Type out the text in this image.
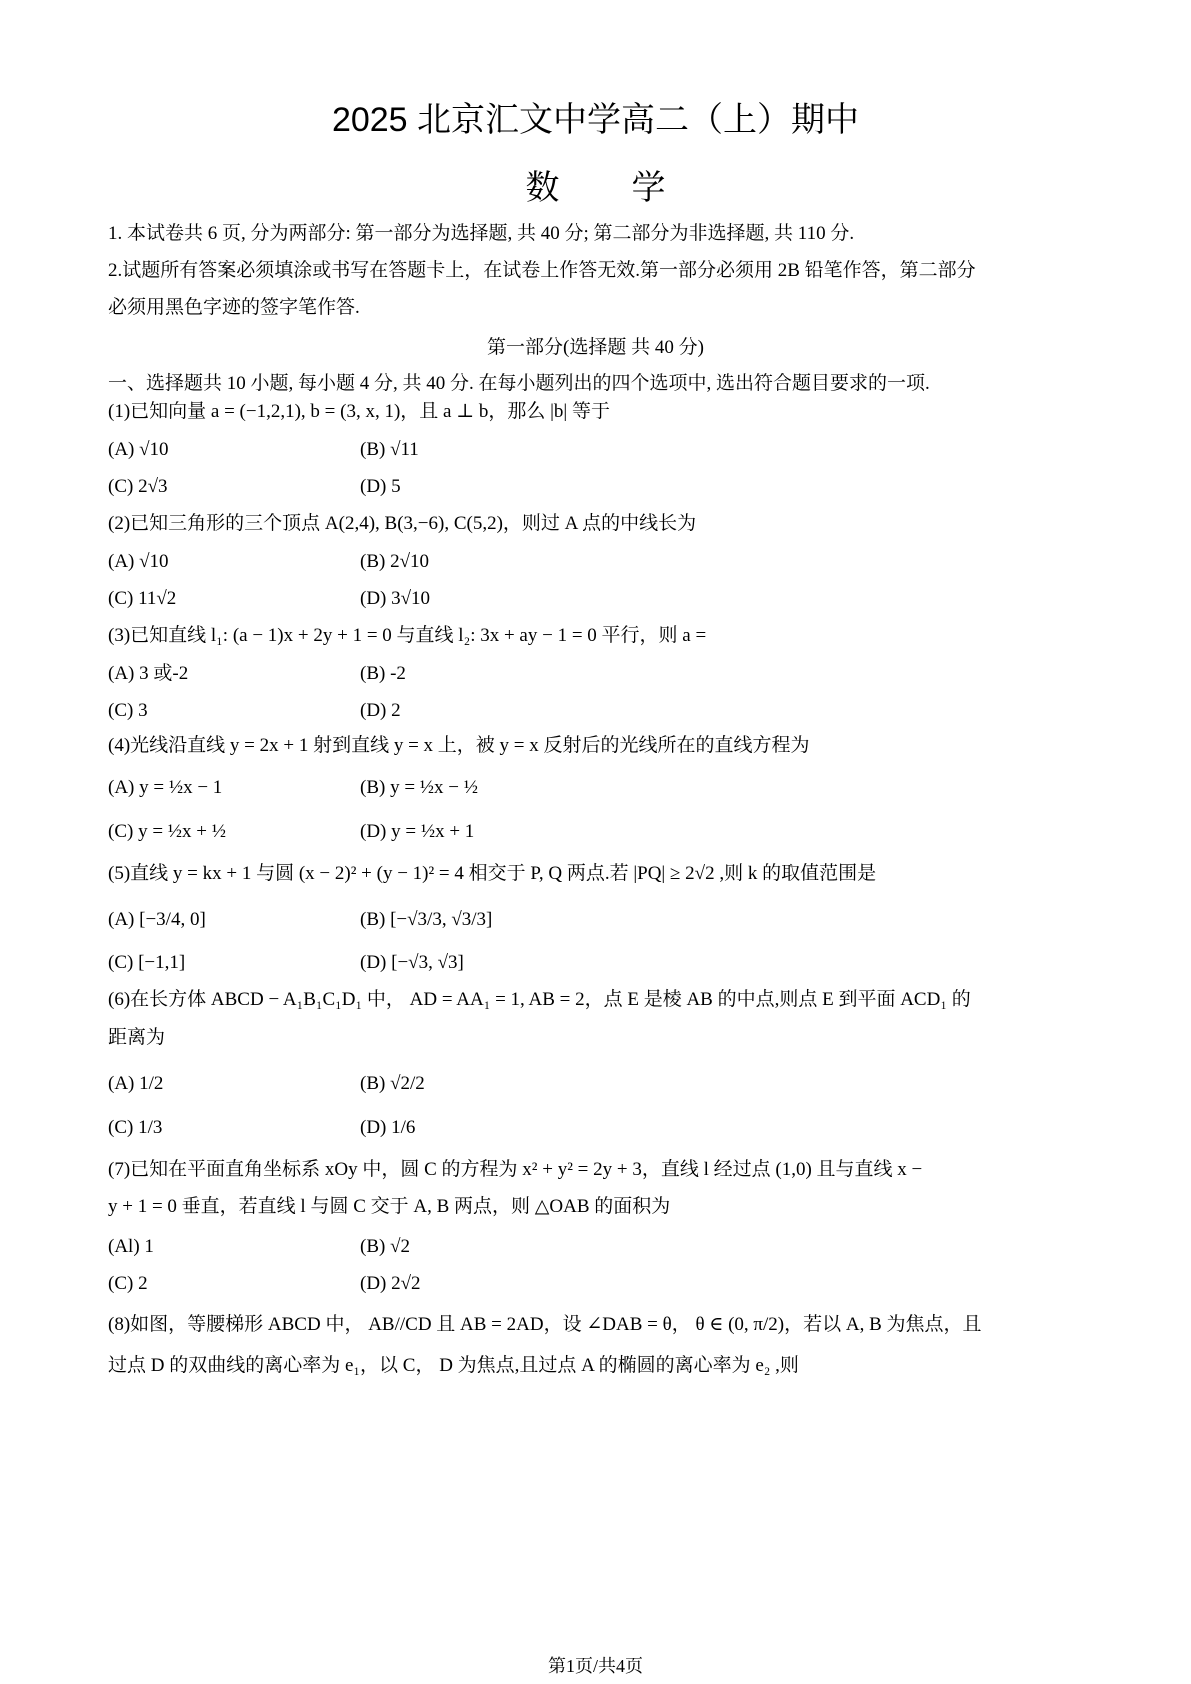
2025 北京汇文中学高二（上）期中
数 学
1. 本试卷共 6 页, 分为两部分: 第一部分为选择题, 共 40 分; 第二部分为非选择题, 共 110 分.
2.试题所有答案必须填涂或书写在答题卡上，在试卷上作答无效.第一部分必须用 2B 铅笔作答，第二部分
必须用黑色字迹的签字笔作答.
第一部分(选择题 共 40 分)
一、选择题共 10 小题, 每小题 4 分, 共 40 分. 在每小题列出的四个选项中, 选出符合题目要求的一项.
(1)已知向量 a = (−1,2,1), b = (3, x, 1)，且 a ⊥ b，那么 |b| 等于
(A) √10	(B) √11
(C) 2√3	(D) 5
(2)已知三角形的三个顶点 A(2,4), B(3,−6), C(5,2)，则过 A 点的中线长为
(A) √10	(B) 2√10
(C) 11√2	(D) 3√10
(3)已知直线 l₁: (a − 1)x + 2y + 1 = 0 与直线 l₂: 3x + ay − 1 = 0 平行，则 a =
(A) 3 或-2	(B) -2
(C) 3	(D) 2
(4)光线沿直线 y = 2x + 1 射到直线 y = x 上，被 y = x 反射后的光线所在的直线方程为
(A) y = ½x − 1	(B) y = ½x − ½
(C) y = ½x + ½	(D) y = ½x + 1
(5)直线 y = kx + 1 与圆 (x − 2)² + (y − 1)² = 4 相交于 P, Q 两点.若 |PQ| ≥ 2√2 ,则 k 的取值范围是
(A) [−3/4, 0]	(B) [−√3/3, √3/3]
(C) [−1,1]	(D) [−√3, √3]
(6)在长方体 ABCD − A₁B₁C₁D₁ 中， AD = AA₁ = 1, AB = 2，点 E 是棱 AB 的中点,则点 E 到平面 ACD₁ 的
距离为
(A) 1/2	(B) √2/2
(C) 1/3	(D) 1/6
(7)已知在平面直角坐标系 xOy 中，圆 C 的方程为 x² + y² = 2y + 3，直线 l 经过点 (1,0) 且与直线 x −
y + 1 = 0 垂直，若直线 l 与圆 C 交于 A, B 两点，则 △OAB 的面积为
(Al) 1	(B) √2
(C) 2	(D) 2√2
(8)如图，等腰梯形 ABCD 中， AB//CD 且 AB = 2AD，设 ∠DAB = θ， θ ∈ (0, π/2)，若以 A, B 为焦点，且
过点 D 的双曲线的离心率为 e₁，以 C， D 为焦点,且过点 A 的椭圆的离心率为 e₂ ,则
第1页/共4页
